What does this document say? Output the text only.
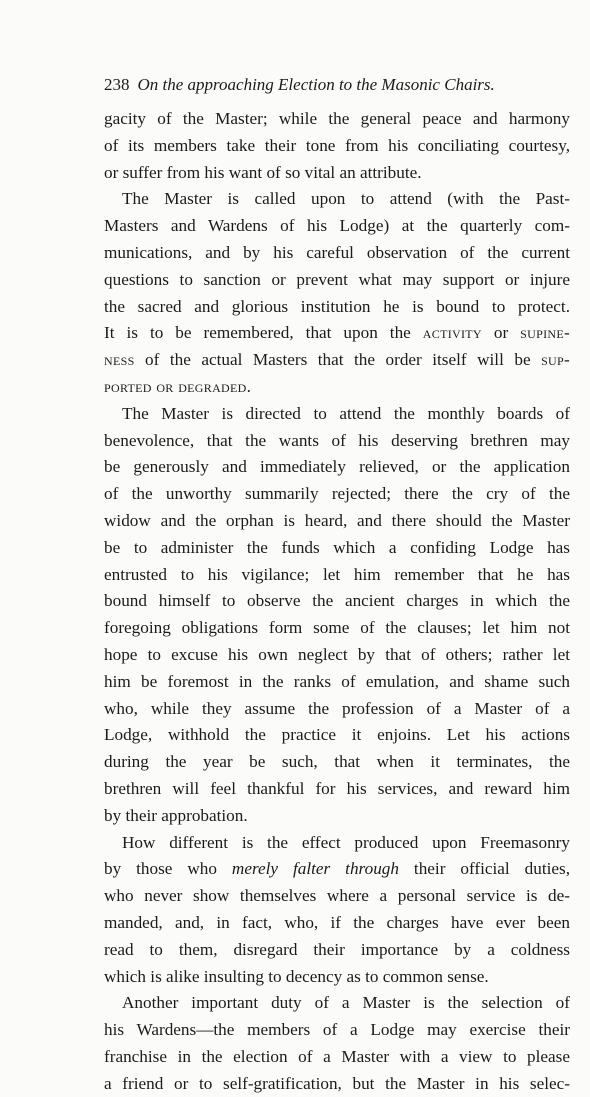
238 On the approaching Election to the Masonic Chairs.
gacity of the Master; while the general peace and harmony
of its members take their tone from his conciliating courtesy,
or suffer from his want of so vital an attribute.
The Master is called upon to attend (with the Past-
Masters and Wardens of his Lodge) at the quarterly com-
munications, and by his careful observation of the current
questions to sanction or prevent what may support or injure
the sacred and glorious institution he is bound to protect.
It is to be remembered, that upon the activity or supine-
ness of the actual Masters that the order itself will be sup-
ported or degraded.
The Master is directed to attend the monthly boards of
benevolence, that the wants of his deserving brethren may
be generously and immediately relieved, or the application
of the unworthy summarily rejected; there the cry of the
widow and the orphan is heard, and there should the Master
be to administer the funds which a confiding Lodge has
entrusted to his vigilance; let him remember that he has
bound himself to observe the ancient charges in which the
foregoing obligations form some of the clauses; let him not
hope to excuse his own neglect by that of others; rather let
him be foremost in the ranks of emulation, and shame such
who, while they assume the profession of a Master of a
Lodge, withhold the practice it enjoins. Let his actions
during the year be such, that when it terminates, the
brethren will feel thankful for his services, and reward him
by their approbation.
How different is the effect produced upon Freemasonry
by those who merely falter through their official duties,
who never show themselves where a personal service is de-
manded, and, in fact, who, if the charges have ever been
read to them, disregard their importance by a coldness
which is alike insulting to decency as to common sense.
Another important duty of a Master is the selection of
his Wardens—the members of a Lodge may exercise their
franchise in the election of a Master with a view to please
a friend or to self-gratification, but the Master in his selec-
